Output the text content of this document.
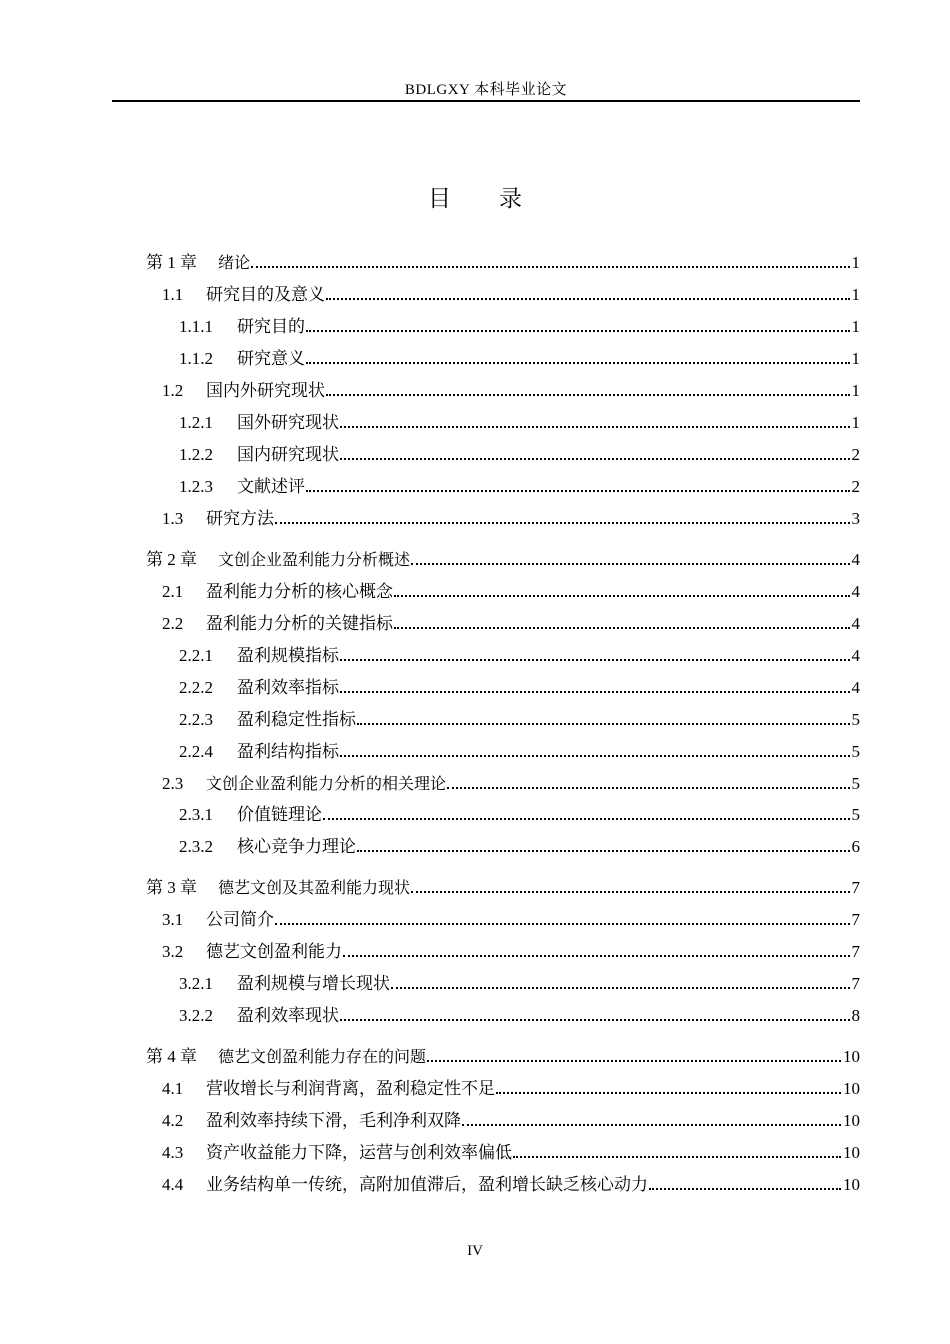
BDLGXY 本科毕业论文
目录
第 1 章	绪论	1
1.1	研究目的及意义	1
1.1.1	研究目的	1
1.1.2	研究意义	1
1.2	国内外研究现状	1
1.2.1	国外研究现状	1
1.2.2	国内研究现状	2
1.2.3	文献述评	2
1.3	研究方法	3
第 2 章	文创企业盈利能力分析概述	4
2.1	盈利能力分析的核心概念	4
2.2	盈利能力分析的关键指标	4
2.2.1	盈利规模指标	4
2.2.2	盈利效率指标	4
2.2.3	盈利稳定性指标	5
2.2.4	盈利结构指标	5
2.3	文创企业盈利能力分析的相关理论	5
2.3.1	价值链理论	5
2.3.2	核心竞争力理论	6
第 3 章	德艺文创及其盈利能力现状	7
3.1	公司简介	7
3.2	德艺文创盈利能力	7
3.2.1	盈利规模与增长现状	7
3.2.2	盈利效率现状	8
第 4 章	德艺文创盈利能力存在的问题	10
4.1	营收增长与利润背离，盈利稳定性不足	10
4.2	盈利效率持续下滑，毛利净利双降	10
4.3	资产收益能力下降，运营与创利效率偏低	10
4.4	业务结构单一传统，高附加值滞后，盈利增长缺乏核心动力	10
IV
